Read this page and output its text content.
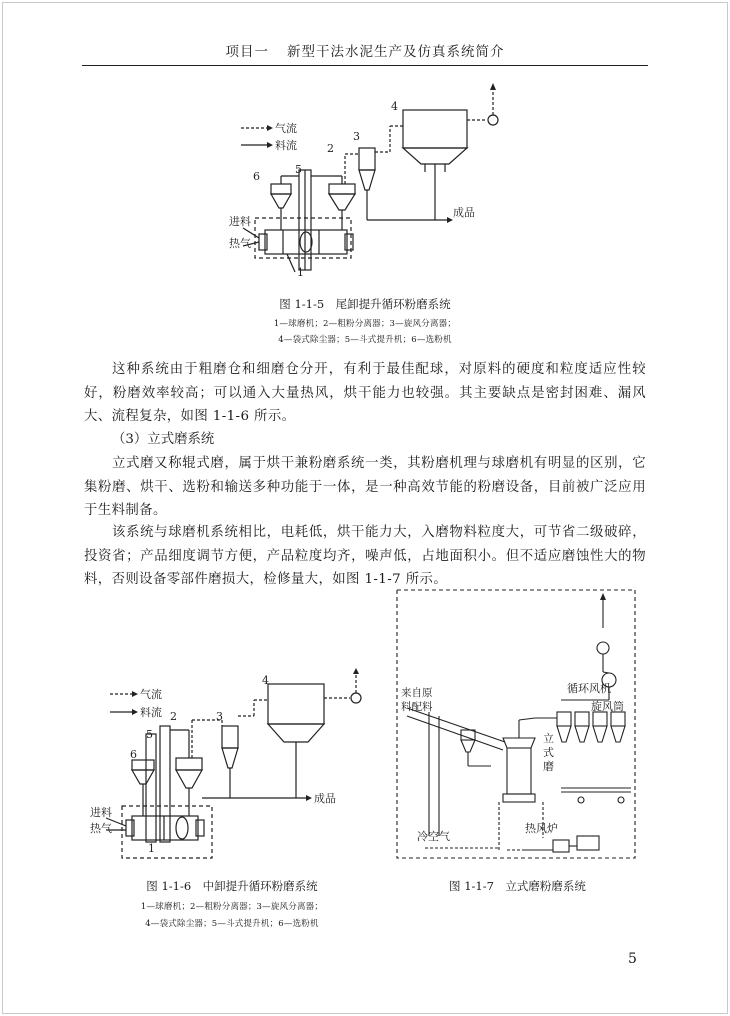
项目一 新型干法水泥生产及仿真系统简介
气流
料流
进料
热气
成品
1
2
3
4
5
6
图 1-1-5　尾卸提升循环粉磨系统
1—球磨机；2—粗粉分离器；3—旋风分离器；
4—袋式除尘器；5—斗式提升机；6—选粉机

这种系统由于粗磨仓和细磨仓分开，有利于最佳配球，对原料的硬度和粒度适应性较好，粉磨效率较高；可以通入大量热风，烘干能力也较强。其主要缺点是密封困难、漏风大、流程复杂，如图 1-1-6 所示。

（3）立式磨系统

立式磨又称辊式磨，属于烘干兼粉磨系统一类，其粉磨机理与球磨机有明显的区别，它集粉磨、烘干、选粉和输送多种功能于一体，是一种高效节能的粉磨设备，目前被广泛应用于生料制备。

该系统与球磨机系统相比，电耗低，烘干能力大，入磨物料粒度大，可节省二级破碎，投资省；产品细度调节方便，产品粒度均齐，噪声低，占地面积小。但不适应磨蚀性大的物料，否则设备零部件磨损大，检修量大，如图 1-1-7 所示。

气流
料流
进料
热气
成品
1
2	3
4
5
6
图 1-1-6　中卸提升循环粉磨系统
1—球磨机；2—粗粉分离器；3—旋风分离器；
4—袋式除尘器；5—斗式提升机；6—选粉机
来自原
料配料
循环风机
旋风筒
立
式
磨
冷空气
热风炉
图 1-1-7　立式磨粉磨系统
5
